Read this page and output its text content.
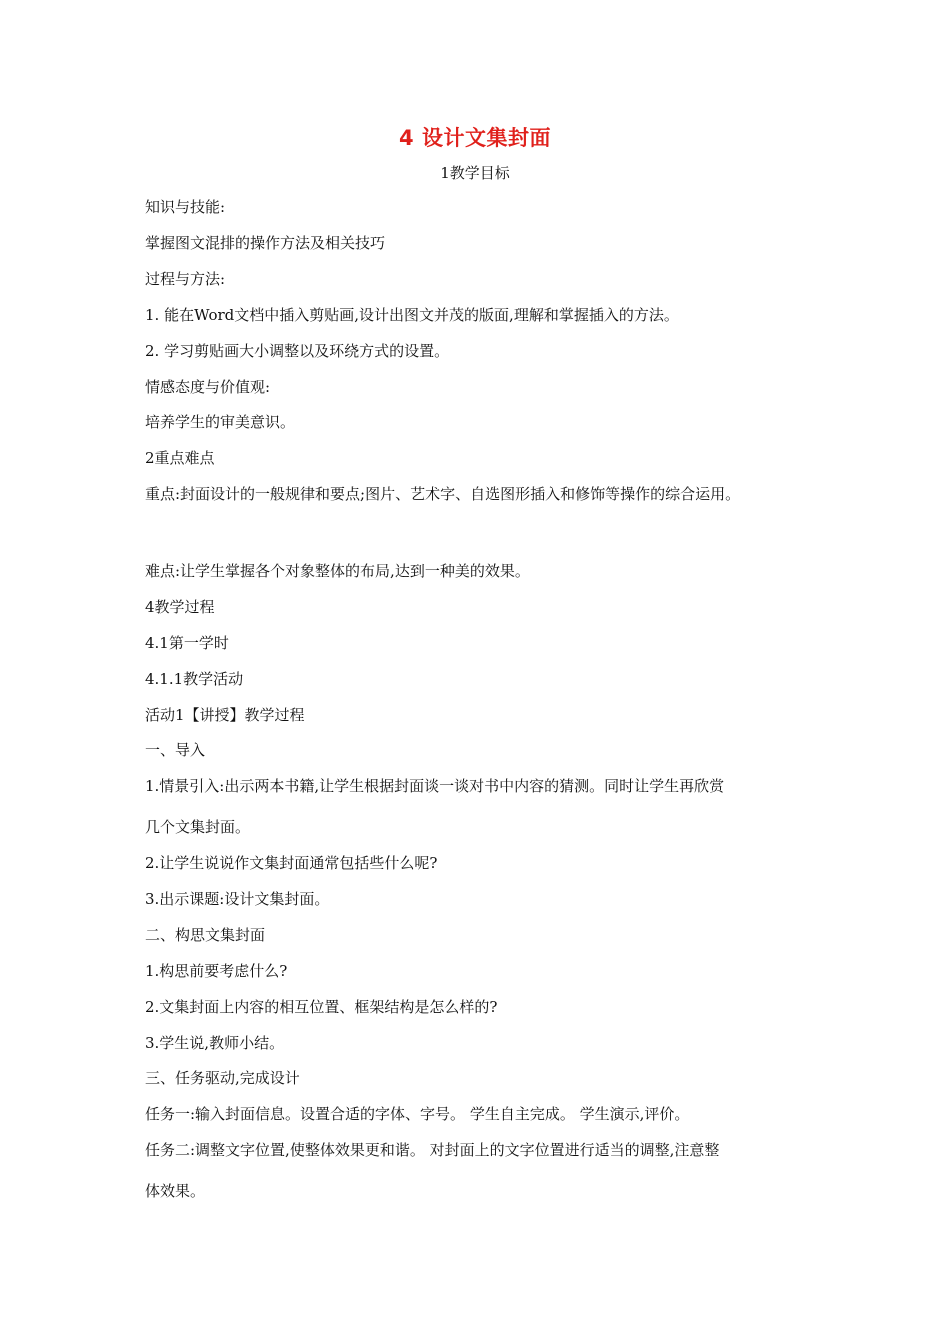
4 设计文集封面
1教学目标
知识与技能:
掌握图文混排的操作方法及相关技巧
过程与方法:
1. 能在Word文档中插入剪贴画,设计出图文并茂的版面,理解和掌握插入的方法。
2. 学习剪贴画大小调整以及环绕方式的设置。
情感态度与价值观:
培养学生的审美意识。
2重点难点
重点:封面设计的一般规律和要点;图片、艺术字、自选图形插入和修饰等操作的综合运用。
难点:让学生掌握各个对象整体的布局,达到一种美的效果。
4教学过程
4.1第一学时
4.1.1教学活动
活动1【讲授】教学过程
一、导入
1.情景引入:出示两本书籍,让学生根据封面谈一谈对书中内容的猜测。同时让学生再欣赏
几个文集封面。
2.让学生说说作文集封面通常包括些什么呢?
3.出示课题:设计文集封面。
二、构思文集封面
1.构思前要考虑什么?
2.文集封面上内容的相互位置、框架结构是怎么样的?
3.学生说,教师小结。
三、任务驱动,完成设计
任务一:输入封面信息。设置合适的字体、字号。 学生自主完成。 学生演示,评价。
任务二:调整文字位置,使整体效果更和谐。 对封面上的文字位置进行适当的调整,注意整
体效果。
